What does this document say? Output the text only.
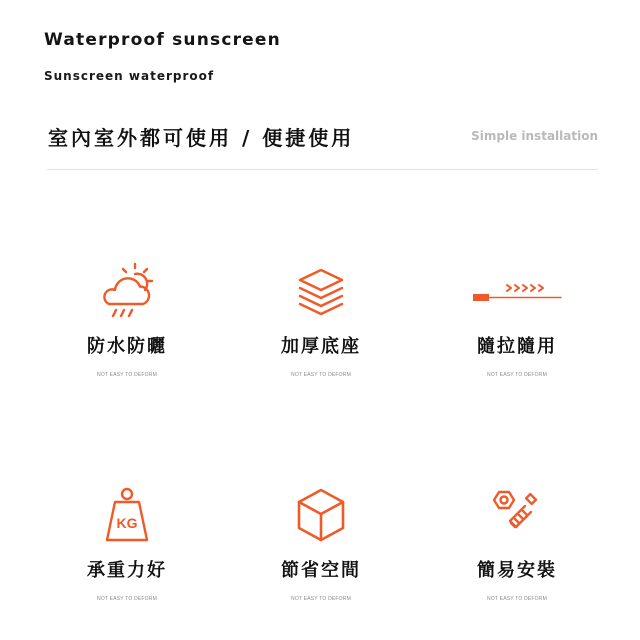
Waterproof sunscreen
Sunscreen waterproof
室內室外都可使用 / 便捷使用	Simple installation
防水防曬
NOT EASY TO DEFORM
加厚底座
NOT EASY TO DEFORM
隨拉隨用
NOT EASY TO DEFORM
KG
承重力好
NOT EASY TO DEFORM
節省空間
NOT EASY TO DEFORM
簡易安裝
NOT EASY TO DEFORM
